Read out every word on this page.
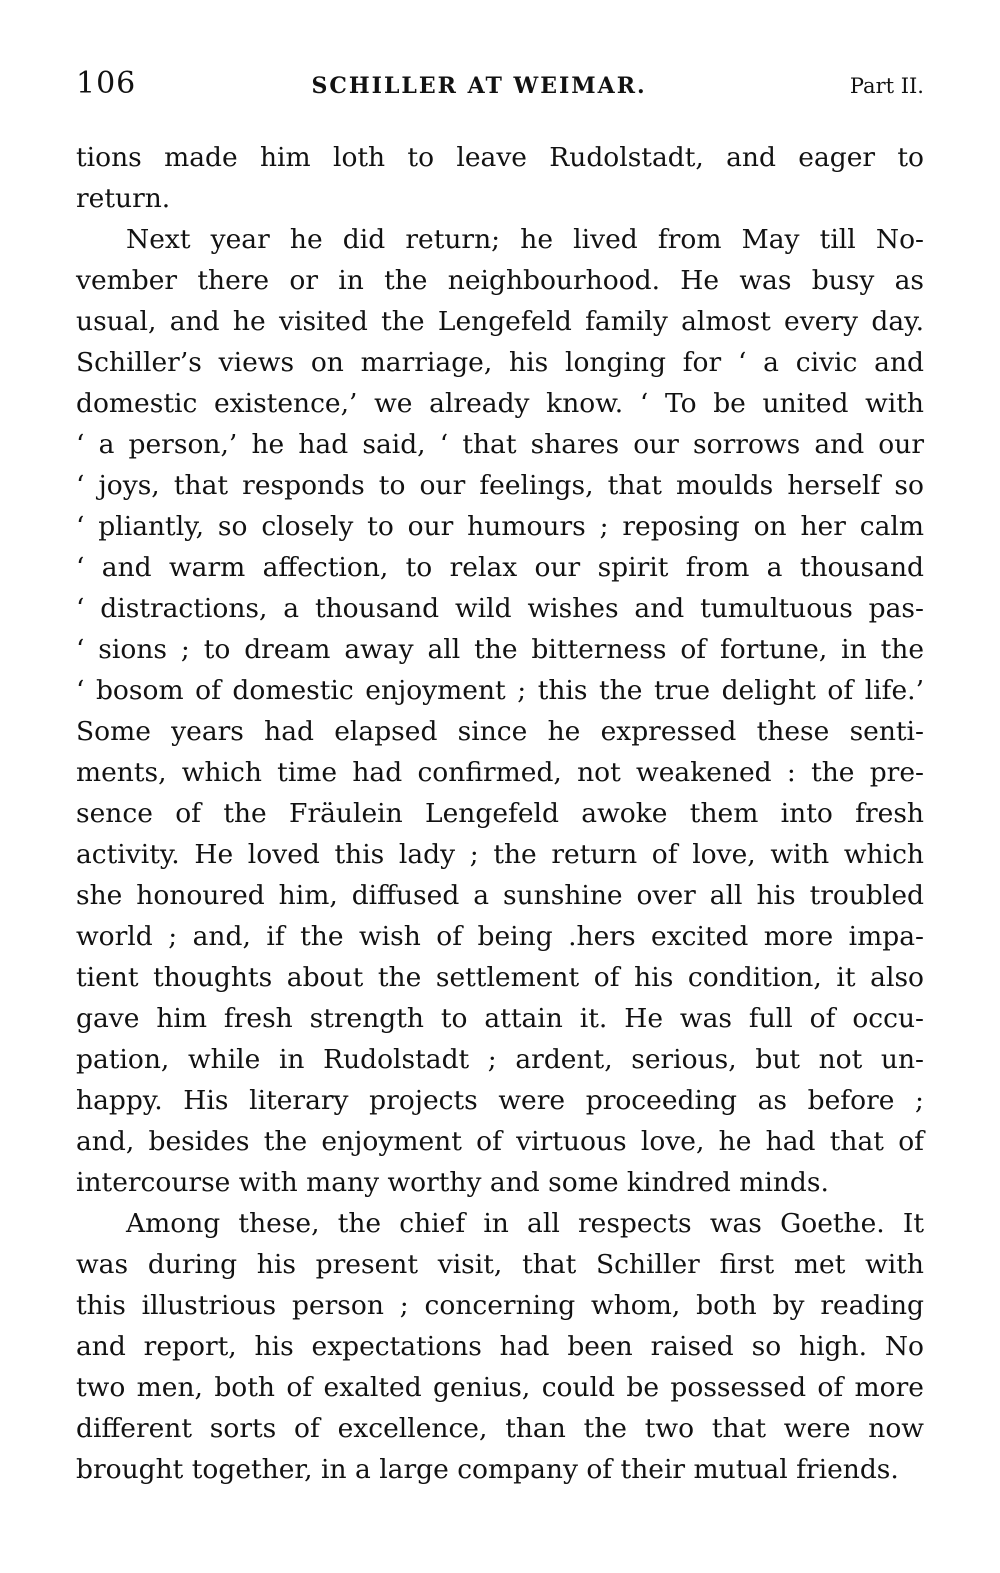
106	SCHILLER AT WEIMAR.	Part II.
tions made him loth to leave Rudolstadt, and eager to
return.
Next year he did return; he lived from May till No-
vember there or in the neighbourhood. He was busy as
usual, and he visited the Lengefeld family almost every day.
Schiller’s views on marriage, his longing for ‘ a civic and
domestic existence,’ we already know. ‘ To be united with
‘ a person,’ he had said, ‘ that shares our sorrows and our
‘ joys, that responds to our feelings, that moulds herself so
‘ pliantly, so closely to our humours ; reposing on her calm
‘ and warm affection, to relax our spirit from a thousand
‘ distractions, a thousand wild wishes and tumultuous pas-
‘ sions ; to dream away all the bitterness of fortune, in the
‘ bosom of domestic enjoyment ; this the true delight of life.’
Some years had elapsed since he expressed these senti-
ments, which time had confirmed, not weakened : the pre-
sence of the Fräulein Lengefeld awoke them into fresh
activity. He loved this lady ; the return of love, with which
she honoured him, diffused a sunshine over all his troubled
world ; and, if the wish of being .hers excited more impa-
tient thoughts about the settlement of his condition, it also
gave him fresh strength to attain it. He was full of occu-
pation, while in Rudolstadt ; ardent, serious, but not un-
happy. His literary projects were proceeding as before ;
and, besides the enjoyment of virtuous love, he had that of
intercourse with many worthy and some kindred minds.
Among these, the chief in all respects was Goethe. It
was during his present visit, that Schiller first met with
this illustrious person ; concerning whom, both by reading
and report, his expectations had been raised so high. No
two men, both of exalted genius, could be possessed of more
different sorts of excellence, than the two that were now
brought together, in a large company of their mutual friends.
